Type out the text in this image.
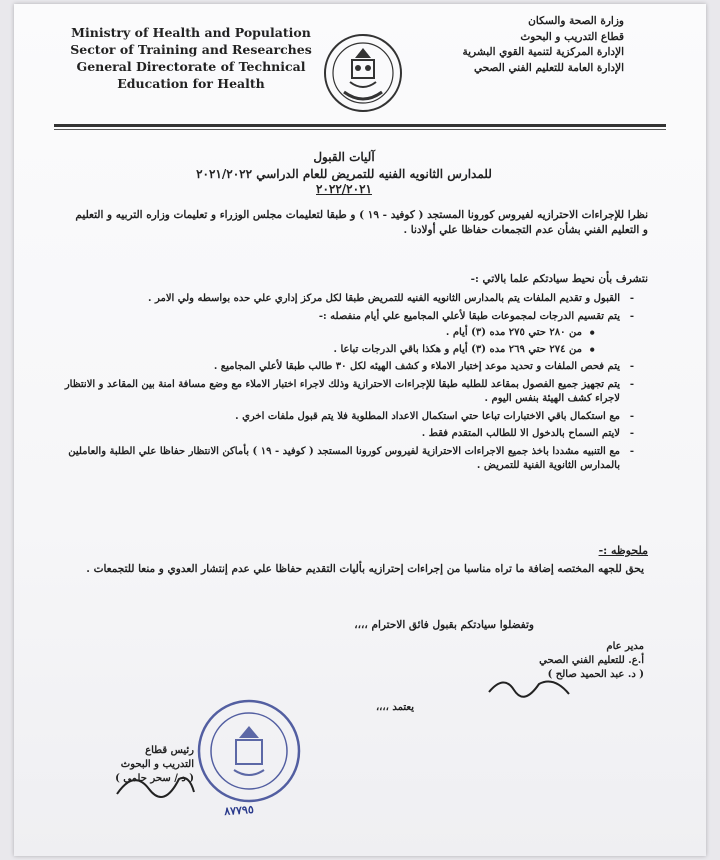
Ministry of Health and Population
Sector of Training and Researches
General Directorate of Technical
Education for Health
وزارة الصحة والسكان
قطاع التدريب و البحوث
الإدارة المركزية لتنمية القوي البشرية
الإدارة العامة للتعليم الفني الصحي
آليات القبول
للمدارس الثانويه الفنيه للتمريض للعام الدراسي ٢٠٢١/٢٠٢٢
٢٠٢٢/٢٠٢١
نظرا للإجراءات الاحترازيه لفيروس كورونا المستجد ( كوفيد - ١٩ ) و طبقا لتعليمات مجلس الوزراء و تعليمات وزاره التربيه و التعليم و التعليم الفني بشأن عدم التجمعات حفاظا علي أولادنا .
نتشرف بأن نحيط سيادتكم علما بالاتي :-
- القبول و تقديم الملفات يتم بالمدارس الثانويه الفنيه للتمريض طبقا لكل مركز إداري علي حده بواسطه ولي الامر .
- يتم تقسيم الدرجات لمجموعات طبقا لأعلي المجاميع علي أيام منفصله :-
• من ٢٨٠ حتي ٢٧٥ مده (٣) أيام .
• من ٢٧٤ حتي ٢٦٩ مده (٣) أيام و هكذا باقي الدرجات تباعا .
- يتم فحص الملفات و تحديد موعد إختبار الاملاء و كشف الهيئه لكل ٣٠ طالب طبقا لأعلي المجاميع .
- يتم تجهيز جميع الفصول بمقاعد للطلبه طبقا للإجراءات الاحترازية وذلك لاجراء اختبار الاملاء مع وضع مسافة امنة بين المقاعد و الانتظار لاجراء كشف الهيئة بنفس اليوم .
- مع استكمال باقي الاختبارات تباعا حتي استكمال الاعداد المطلوبة فلا يتم قبول ملفات اخري .
- لايتم السماح بالدخول الا للطالب المتقدم فقط .
- مع التنبيه مشددا باخذ جميع الاجراءات الاحترازية لفيروس كورونا المستجد ( كوفيد - ١٩ ) بأماكن الانتظار حفاظا علي الطلبة والعاملين بالمدارس الثانوية الفنية للتمريض .
ملحوظه :-
يحق للجهه المختصه إضافة ما تراه مناسبا من إجراءات إحترازيه بأليات التقديم حفاظا علي عدم إنتشار العدوي و منعا للتجمعات .
وتفضلوا سيادتكم بقبول فائق الاحترام ،،،،
مدير عام
أ.ع. للتعليم الفني الصحي
( د. عبد الحميد صالح )
يعتمد ،،،،
رئيس قطاع
التدريب و البحوث
( د / سحر حلمي )
٨٧٧٩٥
